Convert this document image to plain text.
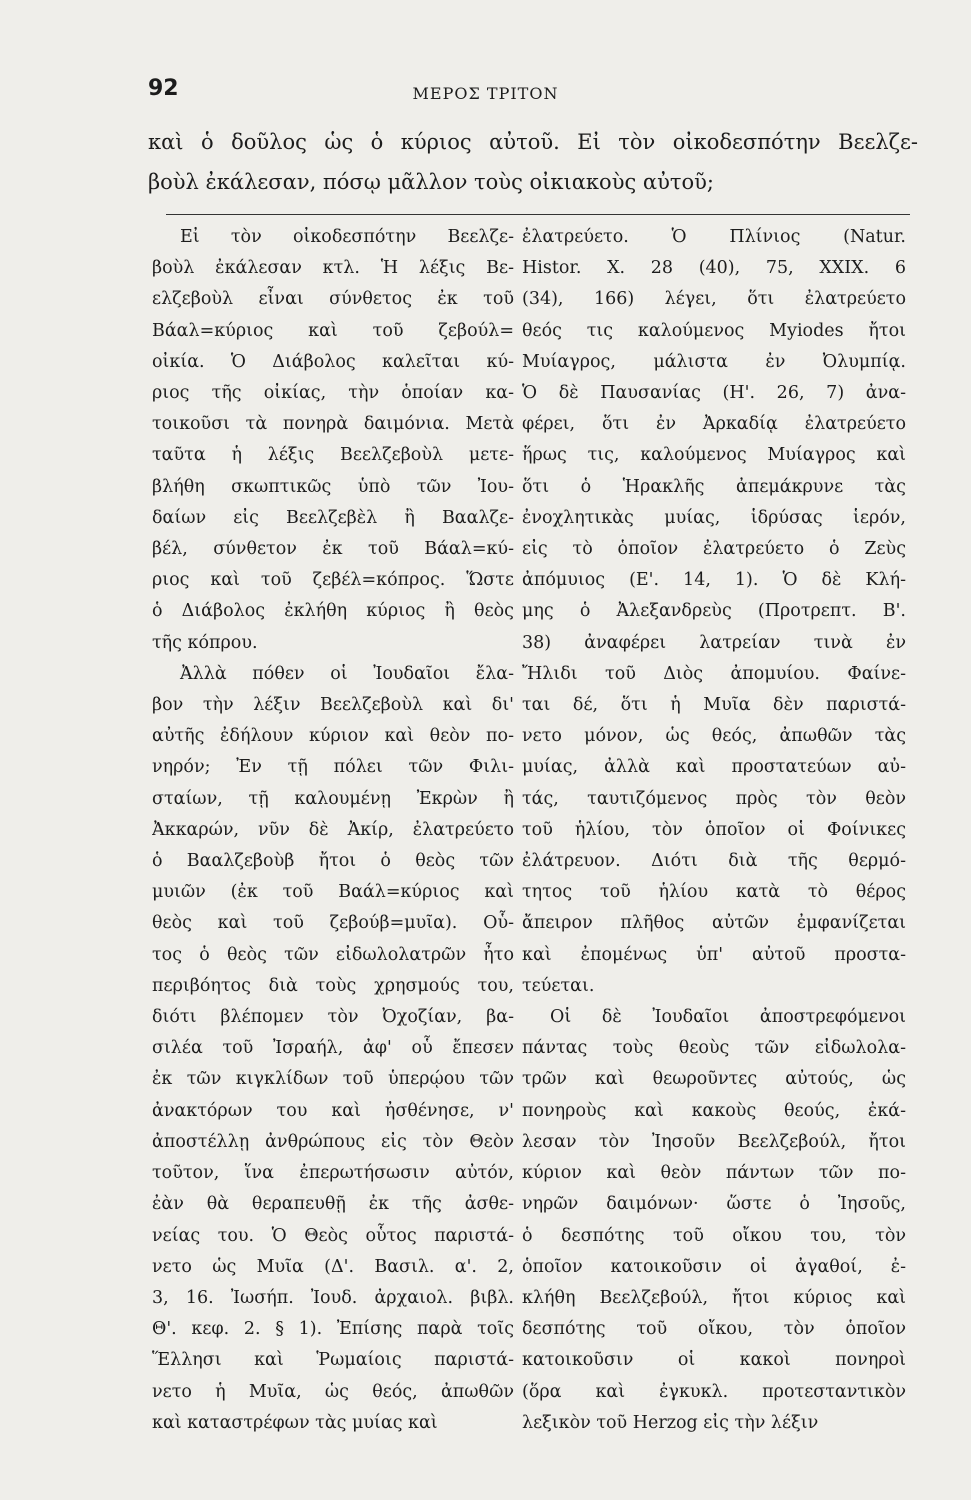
92	ΜΕΡΟΣ ΤΡΙΤΟΝ
καὶ ὁ δοῦλος ὡς ὁ κύριος αὐτοῦ. Εἰ τὸν οἰκοδεσπότην Βεελζε-
βοὺλ ἐκάλεσαν, πόσῳ μᾶλλον τοὺς οἰκιακοὺς αὐτοῦ;
Εἰ τὸν οἰκοδεσπότην Βεελζε-
βοὺλ ἐκάλεσαν κτλ. Ἡ λέξις Βε-
ελζεβοὺλ εἶναι σύνθετος ἐκ τοῦ
Βάαλ=κύριος καὶ τοῦ ζεβούλ=
οἰκία. Ὁ Διάβολος καλεῖται κύ-
ριος τῆς οἰκίας, τὴν ὁποίαν κα-
τοικοῦσι τὰ πονηρὰ δαιμόνια. Μετὰ
ταῦτα ἡ λέξις Βεελζεβοὺλ μετε-
βλήθη σκωπτικῶς ὑπὸ τῶν Ἰου-
δαίων εἰς Βεελζεβὲλ ἢ Βααλζε-
βέλ, σύνθετον ἐκ τοῦ Βάαλ=κύ-
ριος καὶ τοῦ ζεβέλ=κόπρος. Ὥστε
ὁ Διάβολος ἐκλήθη κύριος ἢ θεὸς
τῆς κόπρου.
Ἀλλὰ πόθεν οἱ Ἰουδαῖοι ἔλα-
βον τὴν λέξιν Βεελζεβοὺλ καὶ δι'
αὐτῆς ἐδήλουν κύριον καὶ θεὸν πο-
νηρόν; Ἐν τῇ πόλει τῶν Φιλι-
σταίων, τῇ καλουμένῃ Ἐκρὼν ἢ
Ἀκκαρών, νῦν δὲ Ἀκίρ, ἐλατρεύετο
ὁ Βααλζεβοὺβ ἤτοι ὁ θεὸς τῶν
μυιῶν (ἐκ τοῦ Βαάλ=κύριος καὶ
θεὸς καὶ τοῦ ζεβούβ=μυῖα). Οὗ-
τος ὁ θεὸς τῶν εἰδωλολατρῶν ἦτο
περιβόητος διὰ τοὺς χρησμούς του,
διότι βλέπομεν τὸν Ὀχοζίαν, βα-
σιλέα τοῦ Ἰσραήλ, ἀφ' οὗ ἔπεσεν
ἐκ τῶν κιγκλίδων τοῦ ὑπερῴου τῶν
ἀνακτόρων του καὶ ἠσθένησε, ν'
ἀποστέλλῃ ἀνθρώπους εἰς τὸν Θεὸν
τοῦτον, ἵνα ἐπερωτήσωσιν αὐτόν,
ἐὰν θὰ θεραπευθῇ ἐκ τῆς ἀσθε-
νείας του. Ὁ Θεὸς οὗτος παριστά-
νετο ὡς Μυῖα (Δ'. Βασιλ. α'. 2,
3, 16. Ἰωσήπ. Ἰουδ. ἀρχαιολ. βιβλ.
Θ'. κεφ. 2. § 1). Ἐπίσης παρὰ τοῖς
Ἕλλησι καὶ Ῥωμαίοις παριστά-
νετο ἡ Μυῖα, ὡς θεός, ἀπωθῶν
καὶ καταστρέφων τὰς μυίας καὶ
ἐλατρεύετο. Ὁ Πλίνιος (Natur.
Histor. X. 28 (40), 75, XXIX. 6
(34), 166) λέγει, ὅτι ἐλατρεύετο
θεός τις καλούμενος Myiodes ἤτοι
Μυίαγρος, μάλιστα ἐν Ὀλυμπίᾳ.
Ὁ δὲ Παυσανίας (Η'. 26, 7) ἀνα-
φέρει, ὅτι ἐν Ἀρκαδίᾳ ἐλατρεύετο
ἥρως τις, καλούμενος Μυίαγρος καὶ
ὅτι ὁ Ἡρακλῆς ἀπεμάκρυνε τὰς
ἐνοχλητικὰς μυίας, ἱδρύσας ἱερόν,
εἰς τὸ ὁποῖον ἐλατρεύετο ὁ Ζεὺς
ἀπόμυιος (Ε'. 14, 1). Ὁ δὲ Κλή-
μης ὁ Ἀλεξανδρεὺς (Προτρεπτ. Β'.
38) ἀναφέρει λατρείαν τινὰ ἐν
Ἤλιδι τοῦ Διὸς ἀπομυίου. Φαίνε-
ται δέ, ὅτι ἡ Μυῖα δὲν παριστά-
νετο μόνον, ὡς θεός, ἀπωθῶν τὰς
μυίας, ἀλλὰ καὶ προστατεύων αὐ-
τάς, ταυτιζόμενος πρὸς τὸν θεὸν
τοῦ ἡλίου, τὸν ὁποῖον οἱ Φοίνικες
ἐλάτρευον. Διότι διὰ τῆς θερμό-
τητος τοῦ ἡλίου κατὰ τὸ θέρος
ἄπειρον πλῆθος αὐτῶν ἐμφανίζεται
καὶ ἐπομένως ὑπ' αὐτοῦ προστα-
τεύεται.
Οἱ δὲ Ἰουδαῖοι ἀποστρεφόμενοι
πάντας τοὺς θεοὺς τῶν εἰδωλολα-
τρῶν καὶ θεωροῦντες αὐτούς, ὡς
πονηροὺς καὶ κακοὺς θεούς, ἐκά-
λεσαν τὸν Ἰησοῦν Βεελζεβούλ, ἤτοι
κύριον καὶ θεὸν πάντων τῶν πο-
νηρῶν δαιμόνων· ὥστε ὁ Ἰησοῦς,
ὁ δεσπότης τοῦ οἴκου του, τὸν
ὁποῖον κατοικοῦσιν οἱ ἀγαθοί, ἐ-
κλήθη Βεελζεβούλ, ἤτοι κύριος καὶ
δεσπότης τοῦ οἴκου, τὸν ὁποῖον
κατοικοῦσιν οἱ κακοὶ πονηροὶ
(ὅρα καὶ ἐγκυκλ. προτεσταντικὸν
λεξικὸν τοῦ Herzog εἰς τὴν λέξιν
